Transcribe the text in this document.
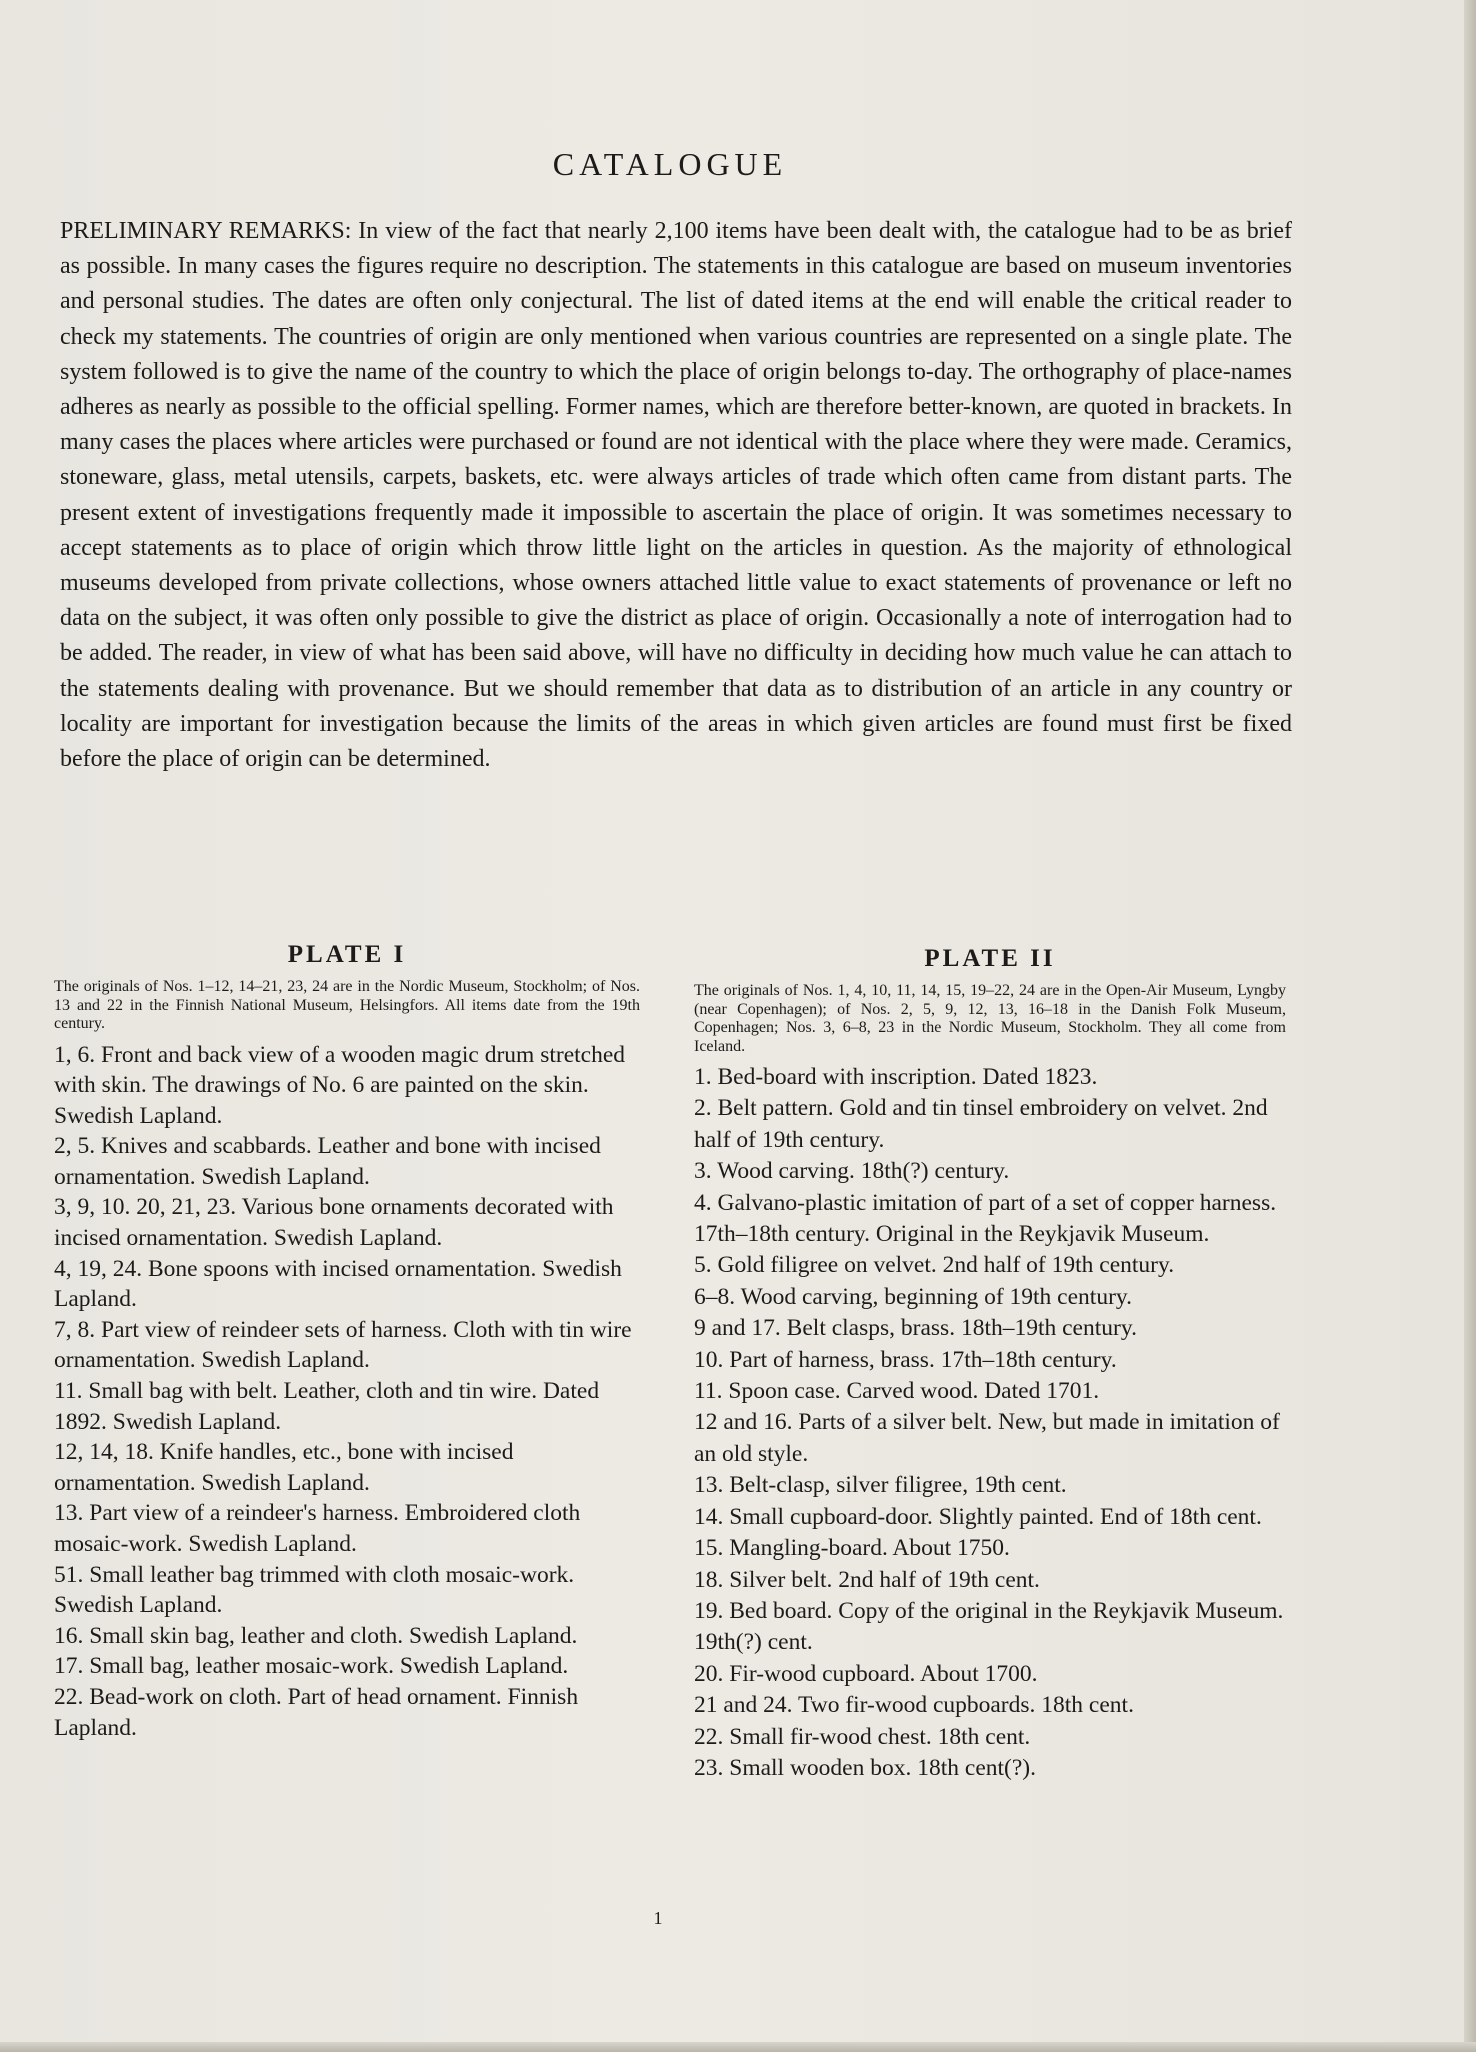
CATALOGUE

PRELIMINARY REMARKS: In view of the fact that nearly 2,100 items have been dealt with, the catalogue had to be as brief as possible. In many cases the figures require no description. The statements in this catalogue are based on museum inventories and personal studies. The dates are often only conjectural. The list of dated items at the end will enable the critical reader to check my statements. The countries of origin are only mentioned when various countries are represented on a single plate. The system followed is to give the name of the country to which the place of origin belongs to-day. The orthography of place-names adheres as nearly as possible to the official spelling. Former names, which are therefore better-known, are quoted in brackets. In many cases the places where articles were purchased or found are not identical with the place where they were made. Ceramics, stoneware, glass, metal utensils, carpets, baskets, etc. were always articles of trade which often came from distant parts. The present extent of investigations frequently made it impossible to ascertain the place of origin. It was sometimes necessary to accept statements as to place of origin which throw little light on the articles in question. As the majority of ethnological museums developed from private collections, whose owners attached little value to exact statements of provenance or left no data on the subject, it was often only possible to give the district as place of origin. Occasionally a note of interrogation had to be added. The reader, in view of what has been said above, will have no difficulty in deciding how much value he can attach to the statements dealing with provenance. But we should remember that data as to distribution of an article in any country or locality are important for investigation because the limits of the areas in which given articles are found must first be fixed before the place of origin can be determined.

PLATE I

The originals of Nos. 1–12, 14–21, 23, 24 are in the Nordic Museum, Stockholm; of Nos. 13 and 22 in the Finnish National Museum, Helsingfors. All items date from the 19th century.

1, 6. Front and back view of a wooden magic drum stretched with skin. The drawings of No. 6 are painted on the skin. Swedish Lapland.
2, 5. Knives and scabbards. Leather and bone with incised ornamentation. Swedish Lapland.
3, 9, 10. 20, 21, 23. Various bone ornaments decorated with incised ornamentation. Swedish Lapland.
4, 19, 24. Bone spoons with incised ornamentation. Swedish Lapland.
7, 8. Part view of reindeer sets of harness. Cloth with tin wire ornamentation. Swedish Lapland.
11. Small bag with belt. Leather, cloth and tin wire. Dated 1892. Swedish Lapland.
12, 14, 18. Knife handles, etc., bone with incised ornamentation. Swedish Lapland.
13. Part view of a reindeer's harness. Embroidered cloth mosaic-work. Swedish Lapland.
51. Small leather bag trimmed with cloth mosaic-work. Swedish Lapland.
16. Small skin bag, leather and cloth. Swedish Lapland.
17. Small bag, leather mosaic-work. Swedish Lapland.
22. Bead-work on cloth. Part of head ornament. Finnish Lapland.
PLATE II

The originals of Nos. 1, 4, 10, 11, 14, 15, 19–22, 24 are in the Open-Air Museum, Lyngby (near Copenhagen); of Nos. 2, 5, 9, 12, 13, 16–18 in the Danish Folk Museum, Copenhagen; Nos. 3, 6–8, 23 in the Nordic Museum, Stockholm. They all come from Iceland.

1. Bed-board with inscription. Dated 1823.
2. Belt pattern. Gold and tin tinsel embroidery on velvet. 2nd half of 19th century.
3. Wood carving. 18th(?) century.
4. Galvano-plastic imitation of part of a set of copper harness. 17th–18th century. Original in the Reykjavik Museum.
5. Gold filigree on velvet. 2nd half of 19th century.
6–8. Wood carving, beginning of 19th century.
9 and 17. Belt clasps, brass. 18th–19th century.
10. Part of harness, brass. 17th–18th century.
11. Spoon case. Carved wood. Dated 1701.
12 and 16. Parts of a silver belt. New, but made in imitation of an old style.
13. Belt-clasp, silver filigree, 19th cent.
14. Small cupboard-door. Slightly painted. End of 18th cent.
15. Mangling-board. About 1750.
18. Silver belt. 2nd half of 19th cent.
19. Bed board. Copy of the original in the Reykjavik Museum. 19th(?) cent.
20. Fir-wood cupboard. About 1700.
21 and 24. Two fir-wood cupboards. 18th cent.
22. Small fir-wood chest. 18th cent.
23. Small wooden box. 18th cent(?).
1
